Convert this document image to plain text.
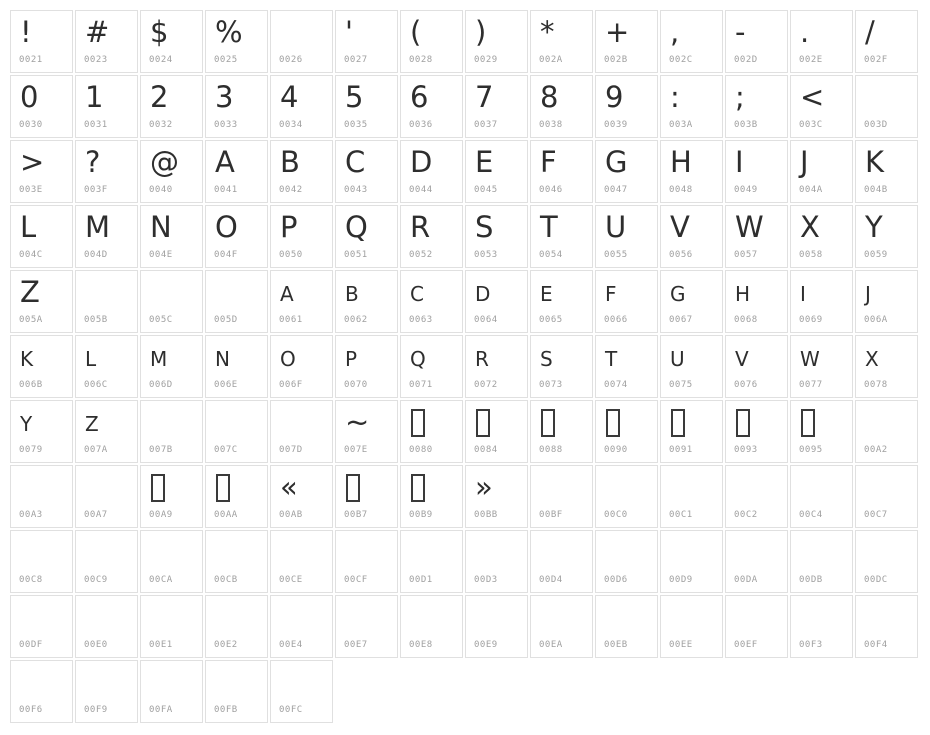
!
0021
#
0023
$
0024
%
0025	0026
'
0027
(
0028
)
0029
*
002A
+
002B
,
002C
-
002D
.
002E
/
002F
0
0030
1
0031
2
0032
3
0033
4
0034
5
0035
6
0036
7
0037
8
0038
9
0039
:
003A
;
003B
<
003C	003D
>
003E
?
003F
@
0040
A
0041
B
0042
C
0043
D
0044
E
0045
F
0046
G
0047
H
0048
I
0049
J
004A
K
004B
L
004C
M
004D
N
004E
O
004F
P
0050
Q
0051
R
0052
S
0053
T
0054
U
0055
V
0056
W
0057
X
0058
Y
0059
Z
005A	005B	005C	005D
A
0061
B
0062
C
0063
D
0064
E
0065
F
0066
G
0067
H
0068
I
0069
J
006A
K
006B
L
006C
M
006D
N
006E
O
006F
P
0070
Q
0071
R
0072
S
0073
T
0074
U
0075
V
0076
W
0077
X
0078
Y
0079
Z
007A	007B	007C	007D
~
007E	0080	0084	0088	0090	0091	0093	0095	00A2
00A3	00A7	00A9	00AA
«
00AB	00B7	00B9
»
00BB	00BF	00C0	00C1	00C2	00C4	00C7
00C8	00C9	00CA	00CB	00CE	00CF	00D1	00D3	00D4	00D6	00D9	00DA	00DB	00DC
00DF	00E0	00E1	00E2	00E4	00E7	00E8	00E9	00EA	00EB	00EE	00EF	00F3	00F4
00F6	00F9	00FA	00FB	00FC
